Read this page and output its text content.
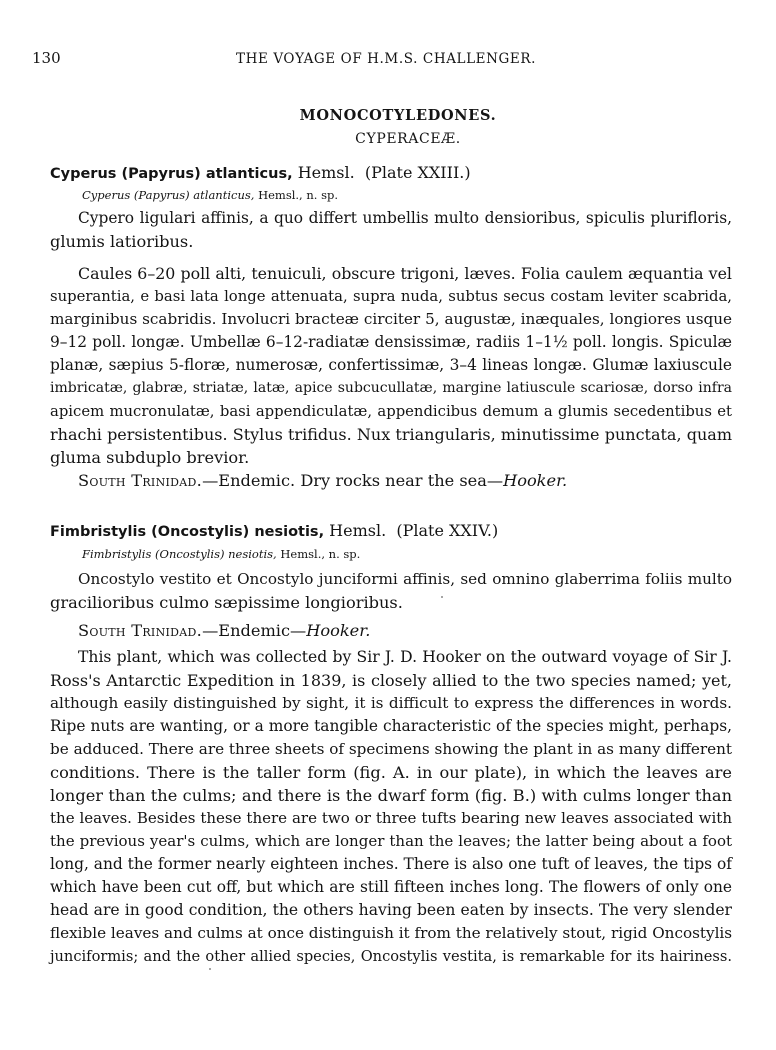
130	THE VOYAGE OF H.M.S. CHALLENGER.
MONOCOTYLEDONES.
CYPERACEÆ.
Cyperus (Papyrus) atlanticus, Hemsl. (Plate XXIII.)
Cyperus (Papyrus) atlanticus, Hemsl., n. sp.
Cypero ligulari affinis, a quo differt umbellis multo densioribus, spiculis plurifloris,
glumis latioribus.
Caules 6–20 poll alti, tenuiculi, obscure trigoni, læves. Folia caulem æquantia vel
superantia, e basi lata longe attenuata, supra nuda, subtus secus costam leviter scabrida,
marginibus scabridis. Involucri bracteæ circiter 5, augustæ, inæquales, longiores usque
9–12 poll. longæ. Umbellæ 6–12-radiatæ densissimæ, radiis 1–1½ poll. longis. Spiculæ
planæ, sæpius 5-floræ, numerosæ, confertissimæ, 3–4 lineas longæ. Glumæ laxiuscule
imbricatæ, glabræ, striatæ, latæ, apice subcucullatæ, margine latiuscule scariosæ, dorso infra
apicem mucronulatæ, basi appendiculatæ, appendicibus demum a glumis secedentibus et
rhachi persistentibus. Stylus trifidus. Nux triangularis, minutissime punctata, quam
gluma subduplo brevior.
South Trinidad.—Endemic. Dry rocks near the sea—Hooker.
Fimbristylis (Oncostylis) nesiotis, Hemsl. (Plate XXIV.)
Fimbristylis (Oncostylis) nesiotis, Hemsl., n. sp.
Oncostylo vestito et Oncostylo junciformi affinis, sed omnino glaberrima foliis multo
gracilioribus culmo sæpissime longioribus.
South Trinidad.—Endemic—Hooker.
This plant, which was collected by Sir J. D. Hooker on the outward voyage of Sir J.
Ross's Antarctic Expedition in 1839, is closely allied to the two species named; yet,
although easily distinguished by sight, it is difficult to express the differences in words.
Ripe nuts are wanting, or a more tangible characteristic of the species might, perhaps,
be adduced. There are three sheets of specimens showing the plant in as many different
conditions. There is the taller form (fig. A. in our plate), in which the leaves are
longer than the culms; and there is the dwarf form (fig. B.) with culms longer than
the leaves. Besides these there are two or three tufts bearing new leaves associated with
the previous year's culms, which are longer than the leaves; the latter being about a foot
long, and the former nearly eighteen inches. There is also one tuft of leaves, the tips of
which have been cut off, but which are still fifteen inches long. The flowers of only one
head are in good condition, the others having been eaten by insects. The very slender
flexible leaves and culms at once distinguish it from the relatively stout, rigid Oncostylis
junciformis; and the other allied species, Oncostylis vestita, is remarkable for its hairiness.
